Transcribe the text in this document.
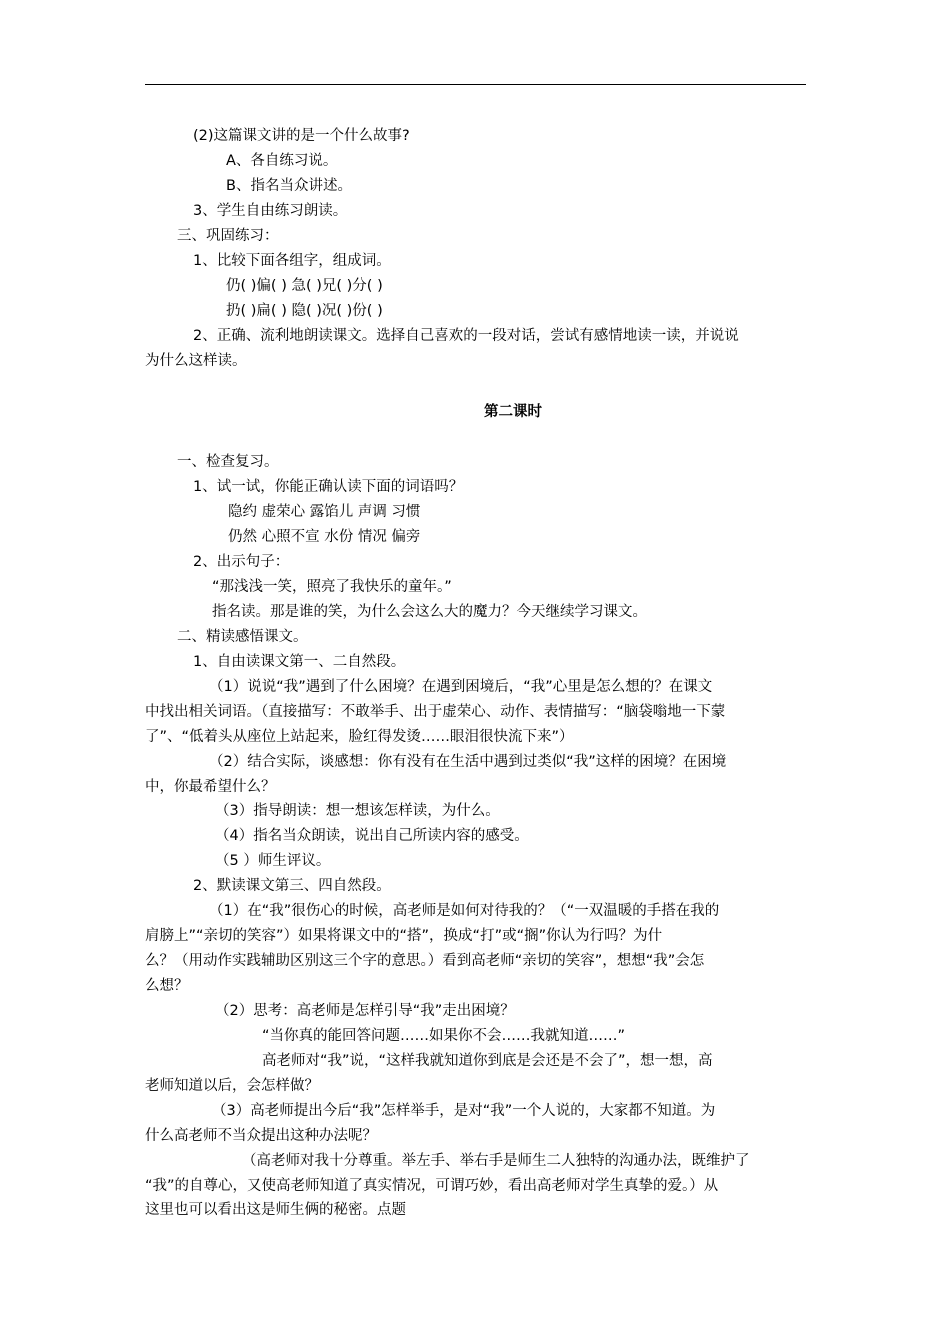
(2)这篇课文讲的是一个什么故事?
A、各自练习说。
B、指名当众讲述。
3、学生自由练习朗读。
三、巩固练习：
1、比较下面各组字，组成词。
仍( )偏( ) 急( )兄( )分( )
扔( )扁( ) 隐( )况( )份( )
2、正确、流利地朗读课文。选择自己喜欢的一段对话，尝试有感情地读一读，并说说
为什么这样读。
第二课时
一、检查复习。
1、试一试，你能正确认读下面的词语吗？
隐约 虚荣心 露馅儿 声调 习惯
仍然 心照不宣 水份 情况 偏旁
2、出示句子：
“那浅浅一笑，照亮了我快乐的童年。”
指名读。那是谁的笑，为什么会这么大的魔力？今天继续学习课文。
二、精读感悟课文。
1、自由读课文第一、二自然段。
（1）说说“我”遇到了什么困境？在遇到困境后，“我”心里是怎么想的？在课文
中找出相关词语。（直接描写：不敢举手、出于虚荣心、动作、表情描写：“脑袋嗡地一下蒙
了”、“低着头从座位上站起来，脸红得发烫……眼泪很快流下来”）
（2）结合实际，谈感想：你有没有在生活中遇到过类似“我”这样的困境？在困境
中，你最希望什么？
（3）指导朗读：想一想该怎样读，为什么。
（4）指名当众朗读，说出自己所读内容的感受。
（5 ）师生评议。
2、默读课文第三、四自然段。
（1）在“我”很伤心的时候，高老师是如何对待我的？（“一双温暖的手搭在我的
肩膀上”“亲切的笑容”）如果将课文中的“搭”，换成“打”或“搁”你认为行吗？为什
么？（用动作实践辅助区别这三个字的意思。）看到高老师“亲切的笑容”，想想“我”会怎
么想？
（2）思考：高老师是怎样引导“我”走出困境？
“当你真的能回答问题……如果你不会……我就知道……”
高老师对“我”说，“这样我就知道你到底是会还是不会了”，想一想，高
老师知道以后，会怎样做？
（3）高老师提出今后“我”怎样举手，是对“我”一个人说的，大家都不知道。为
什么高老师不当众提出这种办法呢？
（高老师对我十分尊重。举左手、举右手是师生二人独特的沟通办法，既维护了
“我”的自尊心，又使高老师知道了真实情况，可谓巧妙，看出高老师对学生真挚的爱。）从
这里也可以看出这是师生俩的秘密。点题
